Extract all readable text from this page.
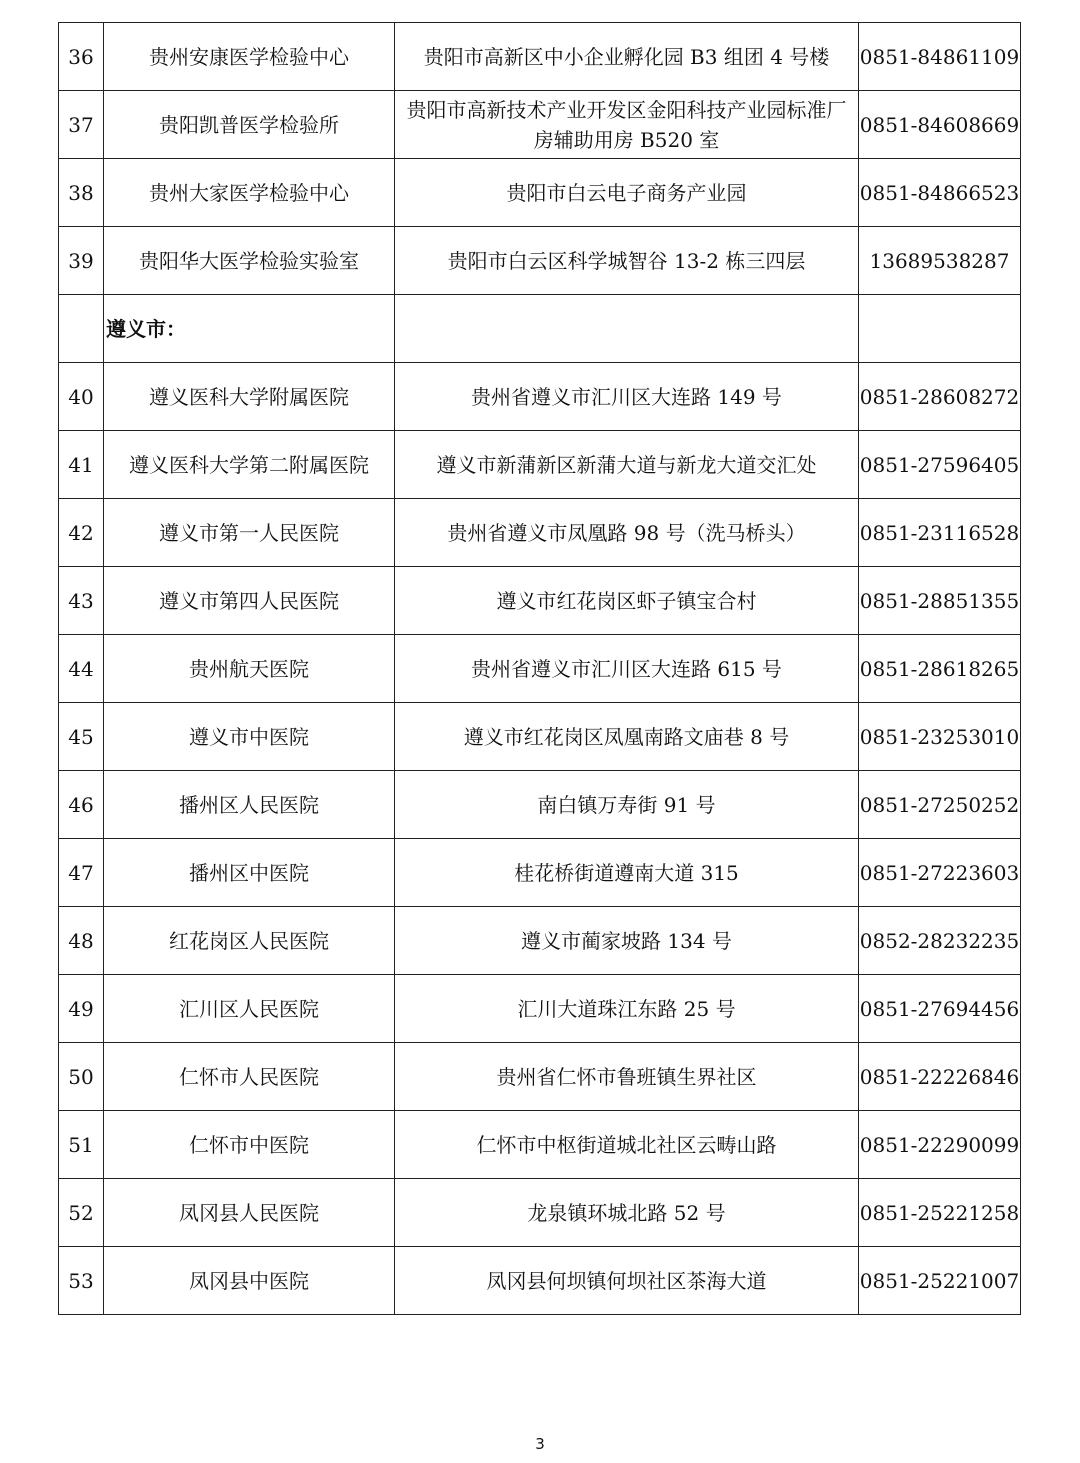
36	贵州安康医学检验中心	贵阳市高新区中小企业孵化园 B3 组团 4 号楼	0851-84861109
37	贵阳凯普医学检验所	贵阳市高新技术产业开发区金阳科技产业园标准厂房辅助用房 B520 室	0851-84608669
38	贵州大家医学检验中心	贵阳市白云电子商务产业园	0851-84866523
39	贵阳华大医学检验实验室	贵阳市白云区科学城智谷 13-2 栋三四层	13689538287
	遵义市：		
40	遵义医科大学附属医院	贵州省遵义市汇川区大连路 149 号	0851-28608272
41	遵义医科大学第二附属医院	遵义市新蒲新区新蒲大道与新龙大道交汇处	0851-27596405
42	遵义市第一人民医院	贵州省遵义市凤凰路 98 号（洗马桥头）	0851-23116528
43	遵义市第四人民医院	遵义市红花岗区虾子镇宝合村	0851-28851355
44	贵州航天医院	贵州省遵义市汇川区大连路 615 号	0851-28618265
45	遵义市中医院	遵义市红花岗区凤凰南路文庙巷 8 号	0851-23253010
46	播州区人民医院	南白镇万寿街 91 号	0851-27250252
47	播州区中医院	桂花桥街道遵南大道 315	0851-27223603
48	红花岗区人民医院	遵义市蔺家坡路 134 号	0852-28232235
49	汇川区人民医院	汇川大道珠江东路 25 号	0851-27694456
50	仁怀市人民医院	贵州省仁怀市鲁班镇生界社区	0851-22226846
51	仁怀市中医院	仁怀市中枢街道城北社区云畴山路	0851-22290099
52	凤冈县人民医院	龙泉镇环城北路 52 号	0851-25221258
53	凤冈县中医院	凤冈县何坝镇何坝社区茶海大道	0851-25221007
3
